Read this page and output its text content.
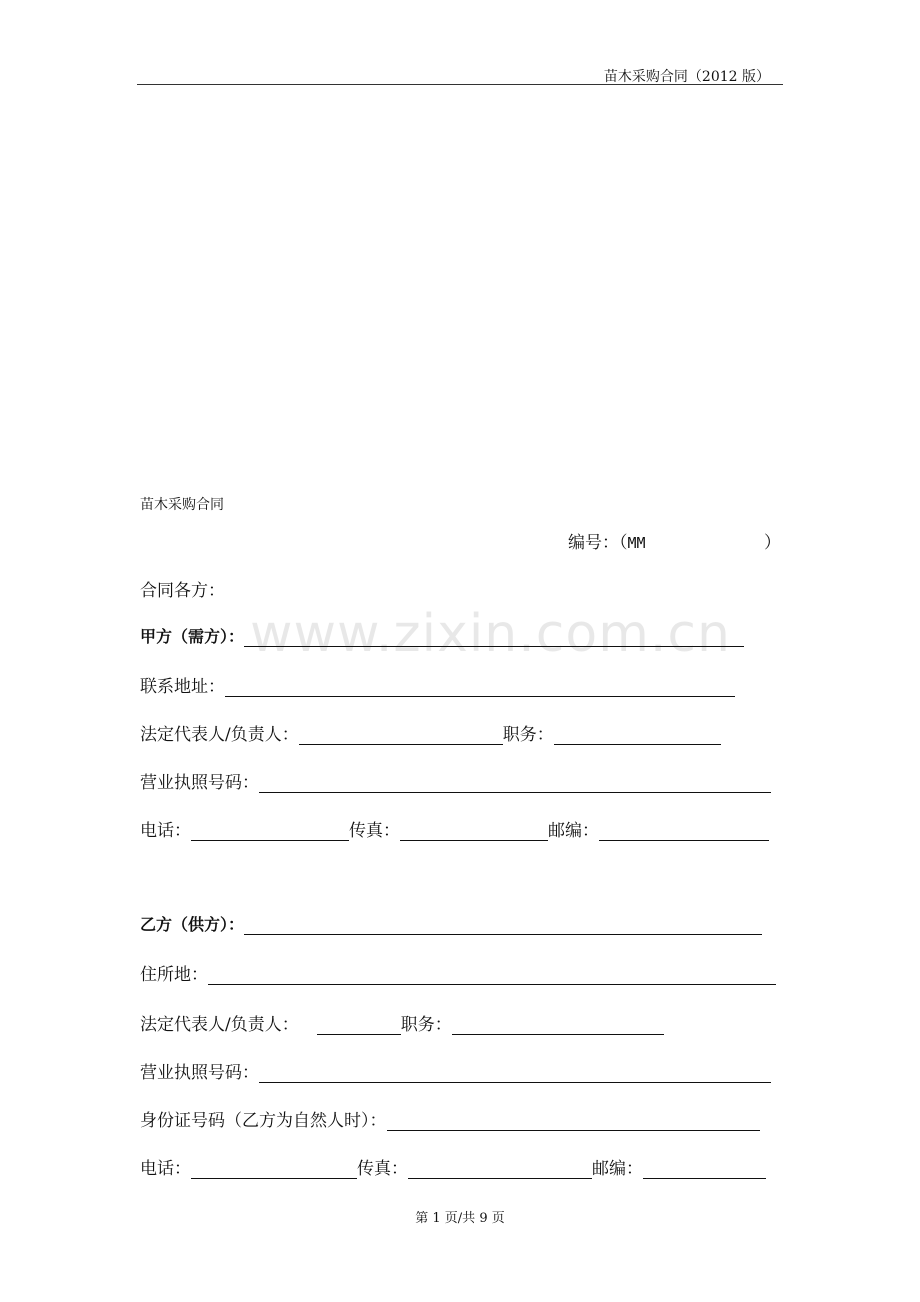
苗木采购合同（2012 版）
苗木采购合同
编号：（MM	）
合同各方：
www.zixin.com.cn
甲方（需方）：
联系地址：
法定代表人/负责人：	职务：
营业执照号码：
电话：	传真：	邮编：
乙方（供方）：
住所地：
法定代表人/负责人：	职务：
营业执照号码：
身份证号码（乙方为自然人时）：
电话：	传真：	邮编：
第 1 页/共 9 页
